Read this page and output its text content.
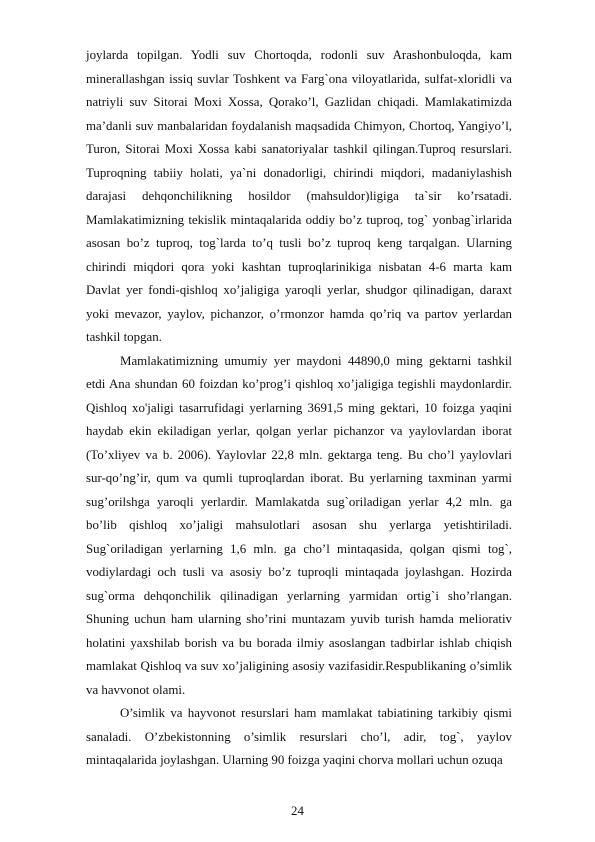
joylarda topilgan. Yodli suv Chortoqda, rodonli suv Arashonbuloqda, kam minerallashgan issiq suvlar Toshkent va Farg`ona viloyatlarida, sulfat-xloridli va natriyli suv Sitorai Moxi Xossa, Qorako’l, Gazlidan chiqadi. Mamlakatimizda ma’danli suv manbalaridan foydalanish maqsadida Chimyon, Chortoq, Yangiyo’l, Turon, Sitorai Moxi Xossa kabi sanatoriyalar tashkil qilingan.Tuproq resurslari. Tuproqning tabiiy holati, ya`ni donadorligi, chirindi miqdori, madaniylashish darajasi dehqonchilikning hosildor (mahsuldor)ligiga ta`sir ko’rsatadi. Mamlakatimizning tekislik mintaqalarida oddiy bo’z tuproq, tog` yonbag`irlarida asosan bo’z tuproq, tog`larda to’q tusli bo’z tuproq keng tarqalgan. Ularning chirindi miqdori qora yoki kashtan tuproqlarinikiga nisbatan 4-6 marta kam Davlat yer fondi-qishloq xo’jaligiga yaroqli yerlar, shudgor qilinadigan, daraxt yoki mevazor, yaylov, pichanzor, o’rmonzor hamda qo’riq va partov yerlardan tashkil topgan.

Mamlakatimizning umumiy yer maydoni 44890,0 ming gektarni tashkil etdi Ana shundan 60 foizdan ko’prog’i qishloq xo’jaligiga tegishli maydonlardir. Qishloq xo'jaligi tasarrufidagi yerlarning 3691,5 ming gektari, 10 foizga yaqini haydab ekin ekiladigan yerlar, qolgan yerlar pichanzor va yaylovlardan iborat (To’xliyev va b. 2006). Yaylovlar 22,8 mln. gektarga teng. Bu cho’l yaylovlari sur-qo’ng’ir, qum va qumli tuproqlardan iborat. Bu yerlarning taxminan yarmi sug’orilshga yaroqli yerlardir. Mamlakatda sug`oriladigan yerlar 4,2 mln. ga bo’lib qishloq xo’jaligi mahsulotlari asosan shu yerlarga yetishtiriladi. Sug`oriladigan yerlarning 1,6 mln. ga cho’l mintaqasida, qolgan qismi tog`, vodiylardagi och tusli va asosiy bo’z tuproqli mintaqada joylashgan. Hozirda sug`orma dehqonchilik qilinadigan yerlarning yarmidan ortig`i sho’rlangan. Shuning uchun ham ularning sho’rini muntazam yuvib turish hamda meliorativ holatini yaxshilab borish va bu borada ilmiy asoslangan tadbirlar ishlab chiqish mamlakat Qishloq va suv xo’jaligining asosiy vazifasidir.Respublikaning o’simlik va havvonot olami.

O’simlik va hayvonot resurslari ham mamlakat tabiatining tarkibiy qismi sanaladi. O’zbekistonning o’simlik resurslari cho’l, adir, tog`, yaylov mintaqalarida joylashgan. Ularning 90 foizga yaqini chorva mollari uchun ozuqa

24
